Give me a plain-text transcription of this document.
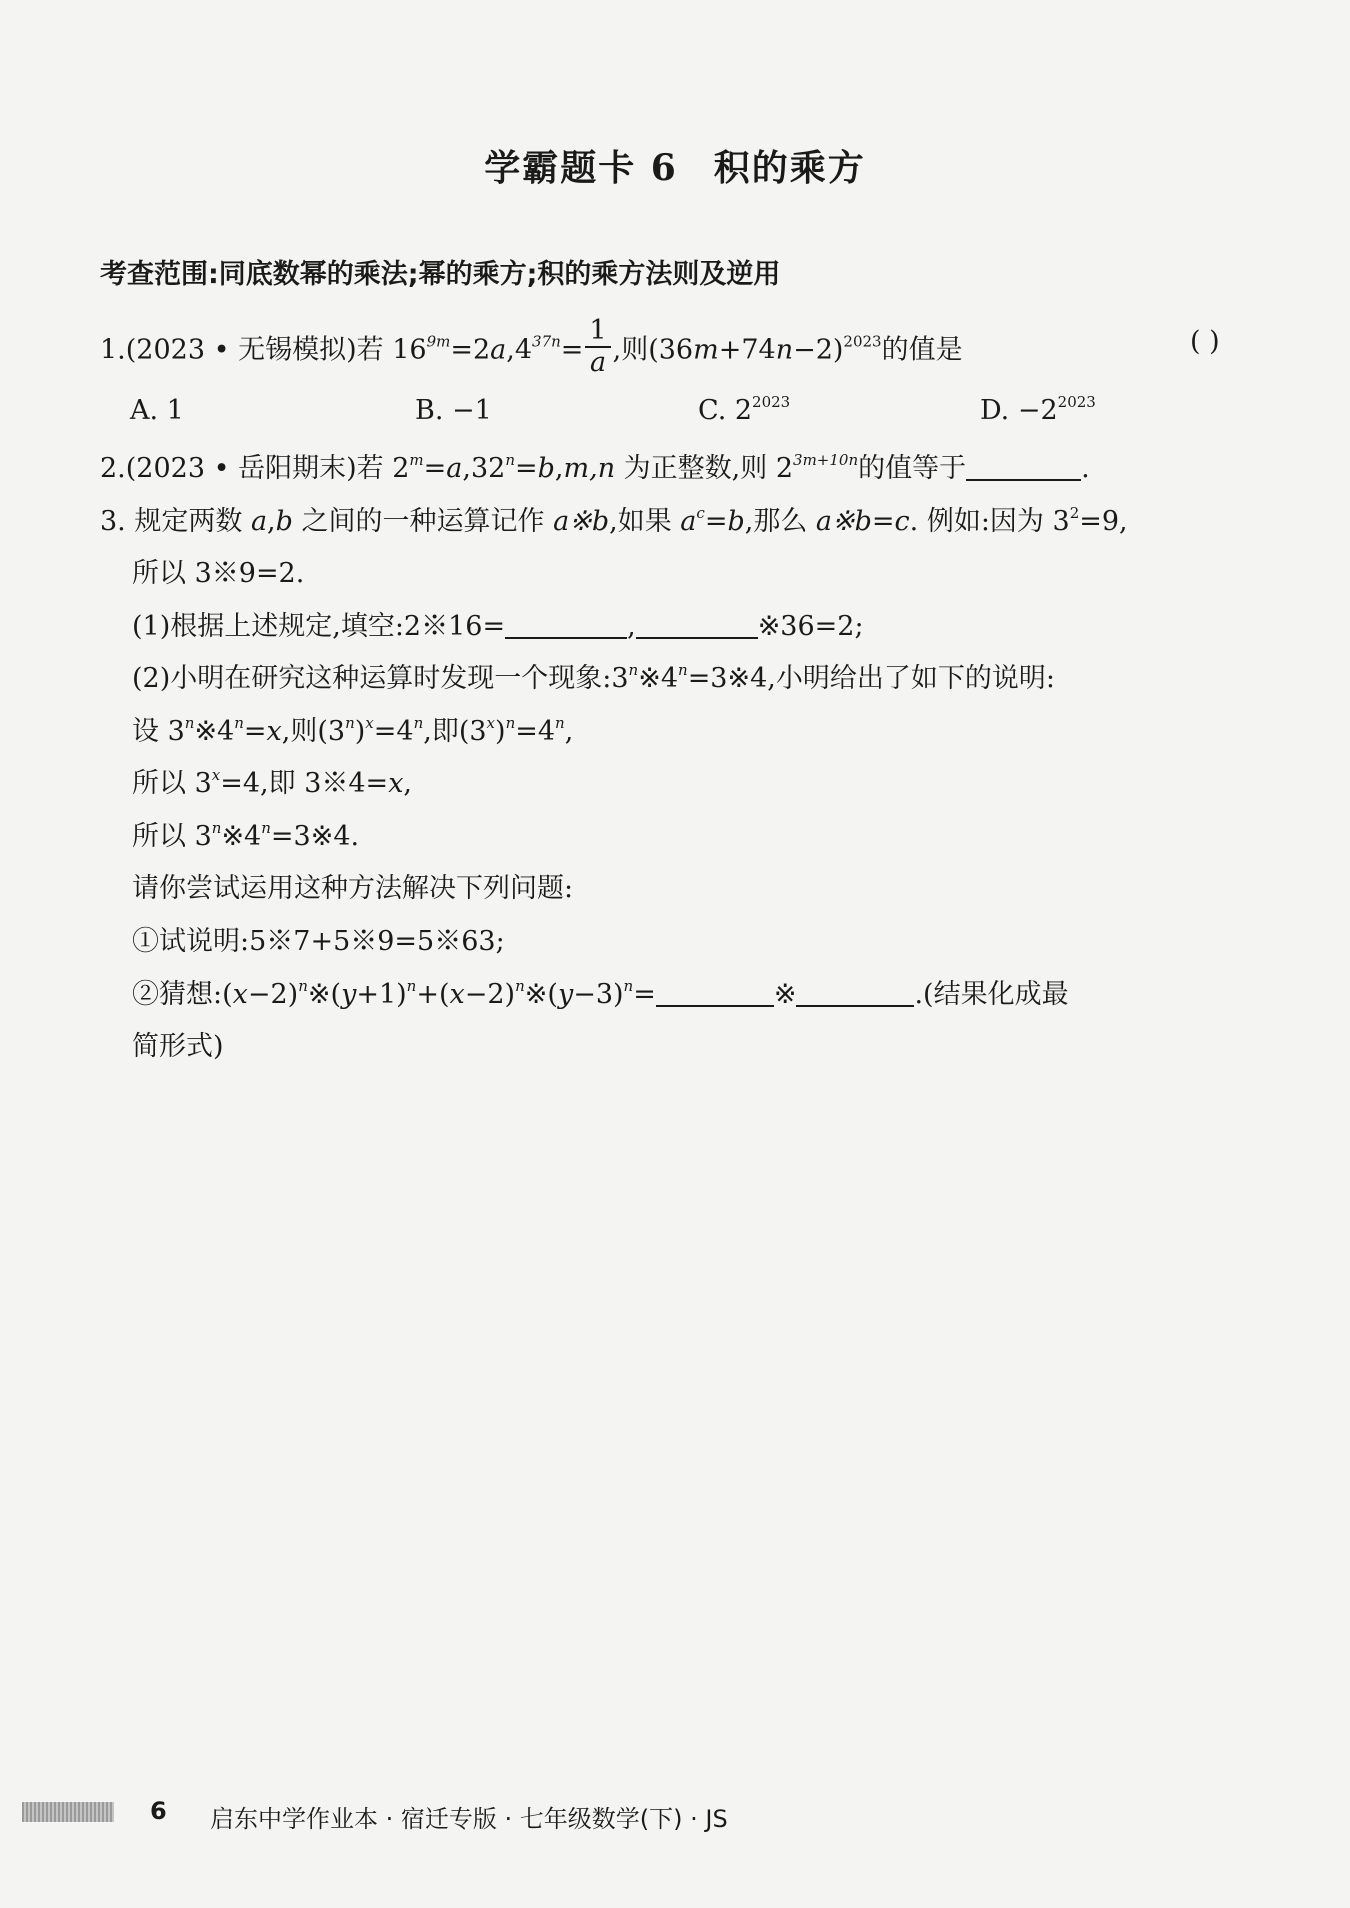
学霸题卡 6 积的乘方
考查范围:同底数幂的乘法;幂的乘方;积的乘方法则及逆用
1.(2023 • 无锡模拟)若 $16^{9m}=2a,4^{37n}= \frac{1}{a}$ ,则$(36m+74n-2)^{2023}$的值是	( )
A. 1	B. −1	C. $2^{2023}$	D. $-2^{2023}$
2.(2023 • 岳阳期末)若 $2^m=a,32^n=b,m,n$ 为正整数,则 $2^{3m+10n}$的值等于	.
3. 规定两数 a,b 之间的一种运算记作 a※b,如果 $a^c=b$,那么 a※b=c. 例如:因为 $3^2=9$,
所以 3※9=2.
(1)根据上述规定,填空:2※16=	,	※36=2;
(2)小明在研究这种运算时发现一个现象$:3^n※4^n=3※4$,小明给出了如下的说明:
设 $3^n※4^n=x$,则$(3^n)^x=4^n$,即$(3^x)^n=4^n$,
所以 $3^x=4$,即 3※4=x,
所以 $3^n※4^n=3※4$.
请你尝试运用这种方法解决下列问题:
①试说明:5※7+5※9=5※63;
②猜想$:(x-2)^n※(y+1)^n+(x-2)^n※(y-3)^n=$	※	.(结果化成最
简形式)
6 启东中学作业本 · 宿迁专版 · 七年级数学(下) · JS
